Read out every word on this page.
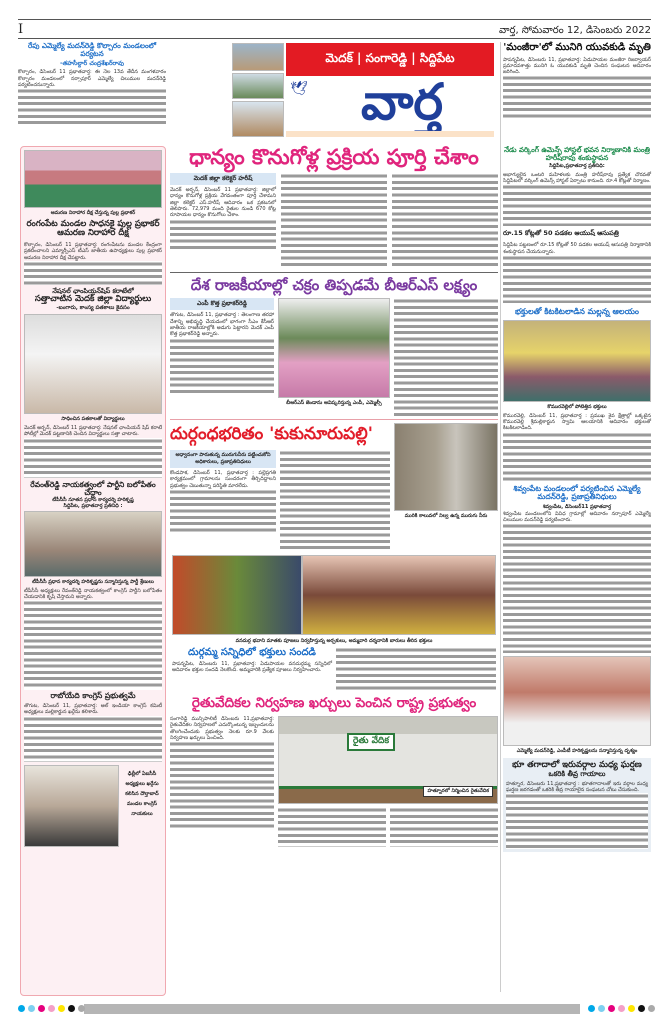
I	వార్త, సోమవారం 12, డిసెంబరు 2022
రేపు ఎమ్మెల్యే మదన్‌రెడ్డి కొల్చారం మండలంలో పర్యటన
-తహసీల్దార్ చంద్రశేఖర్‌రావు
కొల్చారం, డిసెంబర్ 11 ప్రభాతవార్త: ఈ నెల 13వ తేదీన మంగళవారం కొల్చారం మండలంలో నర్సాపూర్ ఎమ్మెల్యే చిలుముల మదన్‌రెడ్డి పర్యటించనున్నారు.
మెదక్ | సంగారెడ్డి | సిద్దిపేట
🕊	వార్త
'మంజీరా'లో మునిగి యువకుడి మృతి
పాపన్నపేట, డిసెంబరు 11, ప్రభాతవార్త: ఏడుపాయల మంజీరా రిజర్వాయర్ ప్రమాదవశాత్తు మునిగి ఓ యువకుడి మృతి చెందిన సంఘటన ఆదివారం జరిగింది.
ఆమరణ నిరాహార దీక్ష చేస్తున్న పుల్ల ప్రభాకర్
రంగంపేట మండల సాధనకై పుల్ల ప్రభాకర్ ఆమరణ నిరాహార దీక్ష
కొల్చారం, డిసెంబర్ 11 ప్రభాతవార్త: రంగంపేటను మండల కేంద్రంగా ప్రకటించాలని ఎమ్మార్పీఎస్ టీఎస్ జాతీయ ఉపాధ్యక్షులు పుల్ల ప్రభాకర్ ఆమరణ నిరాహార దీక్ష చేపట్టారు.
నేషనల్ ఛాంపియన్‌షిప్ కరాటేలో
సత్తాచాటిన మెదక్ జిల్లా విద్యార్థులు
-బంగారు, కాంస్య పతకాలు కైవసం
సాధించిన పతకాలతో విద్యార్థులు
మెదక్ అర్బన్, డిసెంబర్ 11 ప్రభాతవార్త: నేషనల్ ఛాంపియన్ షిప్ కరాటే పోటీల్లో మెదక్ పట్టణానికి చెందిన విద్యార్థులు సత్తా చాటారు.
రేవంత్‌రెడ్డి నాయకత్వంలో పార్టీని బలోపేతం చేద్దాం
టీపీసీసీ నూతన ప్రధాన కార్యదర్శి హరికృష్ణ
సిద్దిపేట, ప్రభాతవార్త ప్రతినిధి :
టీపీసీసీ ప్రధాన కార్యదర్శి హరికృష్ణను సన్మానిస్తున్న పార్టీ శ్రేణులు
టీపీసీసీ అధ్యక్షులు రేవంత్‌రెడ్డి నాయకత్వంలో కాంగ్రెస్ పార్టీని బలోపేతం చేయడానికి కృషి చేస్తామని అన్నారు.
రాబోయేది కాంగ్రెస్ ప్రభుత్వమే
తొగుట, డిసెంబర్ 11, ప్రభాతవార్త: ఆల్ ఇండియా కాంగ్రెస్ కమిటీ అధ్యక్షులు మల్లికార్జున ఖర్గేను కలిశారు.
ఢిల్లీలో ఏఐసీసీ అధ్యక్షులు ఖర్గేను కలిసిన దౌల్తాబాద్ మండల కాంగ్రెస్ నాయకులు
ధాన్యం కొనుగోళ్ల ప్రక్రియ పూర్తి చేశాం
మెదక్ జిల్లా కలెక్టర్ హరీష్
మెదక్ అర్బన్, డిసెంబర్ 11 ప్రభాతవార్త: జిల్లాలో ధాన్యం కొనుగోళ్ల ప్రక్రియ వేగవంతంగా పూర్తి చేశామని జిల్లా కలెక్టర్ ఎస్.హరీష్ ఆదివారం ఒక ప్రకటనలో తెలిపారు. 72,979 మంది రైతుల నుండి 670 కోట్ల రూపాయల ధాన్యం కొనుగోలు చేశాం.
దేశ రాజకీయాల్లో చక్రం తిప్పడమే బీఆర్ఎస్ లక్ష్యం
ఎంపీ కొత్త ప్రభాకర్‌రెడ్డి
తొగుట, డిసెంబర్ 11, ప్రభాతవార్త : తెలంగాణ తరహా దేశాన్ని అభివృద్ధి చేయడంలో భాగంగా సీఎం కేసీఆర్ జాతీయ రాజకీయాల్లోకి అడుగు పెట్టారని మెదక్ ఎంపీ కొత్త ప్రభాకర్‌రెడ్డి అన్నారు.
బీఆర్ఎస్ జెండాను ఆవిష్కరిస్తున్న ఎంపీ, ఎమ్మెల్సీ
దుర్గంధభరితం 'కుకునూరుపల్లి'
అధ్వానంగా పారుతున్న మురుగునీరు పట్టించుకోని అధికారులు, ప్రజాప్రతినిధులు
కొండపాక, డిసెంబర్ 11, ప్రభాతవార్త : పల్లెప్రగతి కార్యక్రమంలో గ్రామాలను సుందరంగా తీర్చిదిద్దాలని ప్రభుత్వం చెబుతున్నా పరిస్థితి మారలేదు.
మురికి కాలువలో నిల్వ ఉన్న మురుగు నీరు
వనదుర్గ భవాని మాతకు పూజలు నిర్వహిస్తున్న అర్చకులు, అమ్మవారి దర్శనానికి బారులు తీరిన భక్తులు
దుర్గమ్మ సన్నిధిలో భక్తులు సందడి
పాపన్నపేట, డిసెంబరు 11, ప్రభాతవార్త: ఏడుపాయల వనదుర్గమ్మ సన్నిధిలో ఆదివారం భక్తుల సందడి నెలకొంది. అమ్మవారికి ప్రత్యేక పూజలు నిర్వహించారు.
రైతువేదికల నిర్వహణ ఖర్చులు పెంచిన రాష్ట్ర ప్రభుత్వం
సంగారెడ్డి మున్సిపాలిటీ డిసెంబరు 11,ప్రభాతవార్త: రైతువేదికల నిర్వహణలో ఎదుర్కొంటున్న ఇబ్బందులను తొలగించేందుకు ప్రభుత్వం నెలకు రూ.9 వేలకు నిర్వహణ ఖర్చులు పెంచింది.	రైతు వేదిక
హత్నూరలో నిర్మించిన రైతువేదిక
నేడు వర్కింగ్ ఉమెన్స్ హాస్టల్ భవన నిర్మాణానికి మంత్రి హరీష్‌రావు శంకుస్థాపన
సిద్దిపేట,ప్రభాతవార్త ప్రతినిధి:
అభాగ్యులైన ఒంటరి మహిళలకు మంత్రి హరీష్‌రావు ప్రత్యేక చొరవతో సిద్దిపేటలో వర్కింగ్ ఉమెన్స్ హాస్టల్ ఏర్పాటు కానుంది. రూ.4 కోట్లతో నిర్మాణం.
రూ.15 కోట్లతో 50 పడకల ఆయుష్ ఆసుపత్రి
సిద్దిపేట పట్టణంలో రూ.15 కోట్లతో 50 పడకల ఆయుష్ ఆసుపత్రి నిర్మాణానికి శంకుస్థాపన చేయనున్నారు.
భక్తులతో కిటకిటలాడిన మల్లన్న ఆలయం
కొమురవెల్లిలో పోటెత్తిన భక్తులు
కొమురవెల్లి, డిసెంబర్ 11, ప్రభాతవార్త : ప్రముఖ శైవ క్షేత్రాల్లో ఒక్కటైన కొమురవెల్లి శ్రీమల్లికార్జున స్వామి ఆలయానికి ఆదివారం భక్తులతో కిటకిటలాడింది.
శివ్వంపేట మండలంలో పర్యటించిన ఎమ్మెల్యే మదన్‌రెడ్డి, ప్రజాప్రతినిధులు
శివ్వంపేట, డిసెంబర్11 ప్రభాతవార్త
శివ్వంపేట మండలంలోని వివిధ గ్రామాల్లో ఆదివారం నర్సాపూర్ ఎమ్మెల్యే చిలుముల మదన్‌రెడ్డి పర్యటించారు.
ఎమ్మెల్యే మదన్‌రెడ్డి, ఎంపీటీ హరికృష్ణలను సన్మానిస్తున్న దృశ్యం
భూ తగాదాలో ఇరువర్గాల మధ్య ఘర్షణ
ఒకరికి తీవ్ర గాయాలు
హత్నూర, డిసెంబరు 11,ప్రభాతవార్త : భూతగాదాలతో ఇరు వర్గాల మధ్య ఘర్షణ జరగడంతో ఒకరికి తీవ్ర గాయాలైన సంఘటన చోటు చేసుకుంది.
